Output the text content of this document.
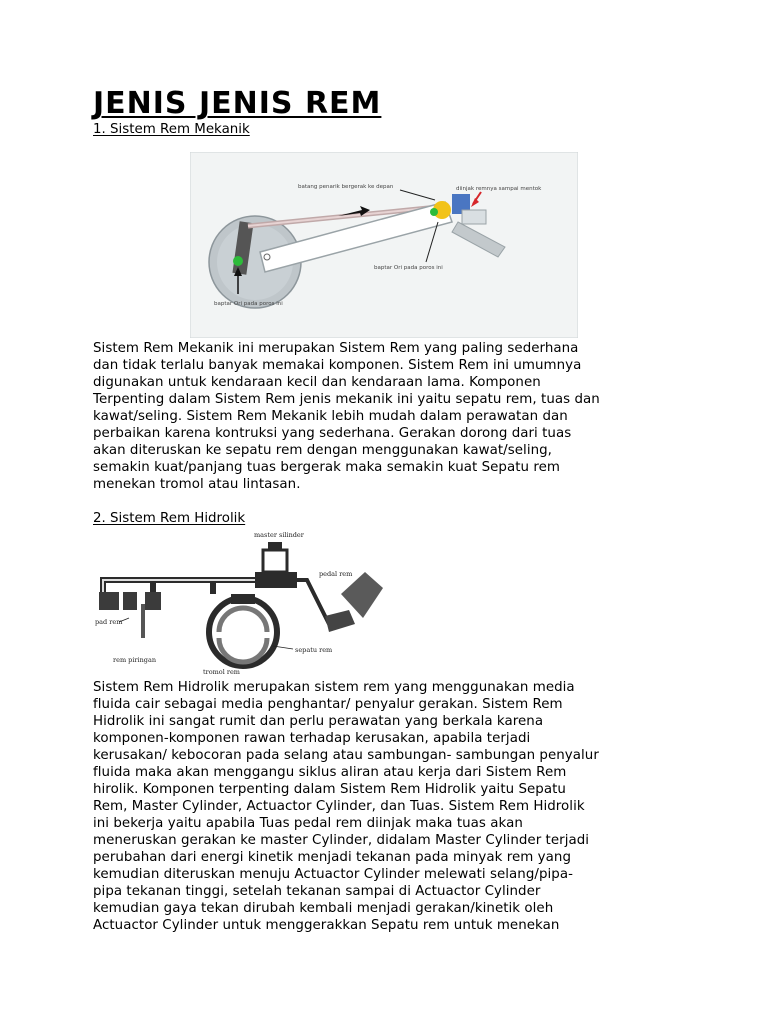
JENIS JENIS REM
1. Sistem Rem Mekanik
batang penarik bergerak ke depan	diinjak remnya sampai mentok
baptar Ori pada poros ini
baptar Ori pada poros ini
Sistem Rem Mekanik ini merupakan Sistem Rem yang paling sederhana
dan tidak terlalu banyak memakai komponen. Sistem Rem ini umumnya
digunakan untuk kendaraan kecil dan kendaraan lama. Komponen
Terpenting dalam Sistem Rem jenis mekanik ini yaitu sepatu rem, tuas dan
kawat/seling. Sistem Rem Mekanik lebih mudah dalam perawatan dan
perbaikan karena kontruksi yang sederhana. Gerakan dorong dari tuas
akan diteruskan ke sepatu rem dengan menggunakan kawat/seling,
semakin kuat/panjang tuas bergerak maka semakin kuat Sepatu rem
menekan tromol atau lintasan.
2. Sistem Rem Hidrolik
master silinder
pedal rem
pad rem
sepatu rem
rem piringan
tromol rem
Sistem Rem Hidrolik merupakan sistem rem yang menggunakan media
fluida cair sebagai media penghantar/ penyalur gerakan. Sistem Rem
Hidrolik ini sangat rumit dan perlu perawatan yang berkala karena
komponen-komponen rawan terhadap kerusakan, apabila terjadi
kerusakan/ kebocoran pada selang atau sambungan- sambungan penyalur
fluida maka akan menggangu siklus aliran atau kerja dari Sistem Rem
hirolik. Komponen terpenting dalam Sistem Rem Hidrolik yaitu Sepatu
Rem, Master Cylinder, Actuactor Cylinder, dan Tuas. Sistem Rem Hidrolik
ini bekerja yaitu apabila Tuas pedal rem diinjak maka tuas akan
meneruskan gerakan ke master Cylinder, didalam Master Cylinder terjadi
perubahan dari energi kinetik menjadi tekanan pada minyak rem yang
kemudian diteruskan menuju Actuactor Cylinder melewati selang/pipa-
pipa tekanan tinggi, setelah tekanan sampai di Actuactor Cylinder
kemudian gaya tekan dirubah kembali menjadi gerakan/kinetik oleh
Actuactor Cylinder untuk menggerakkan Sepatu rem untuk menekan
